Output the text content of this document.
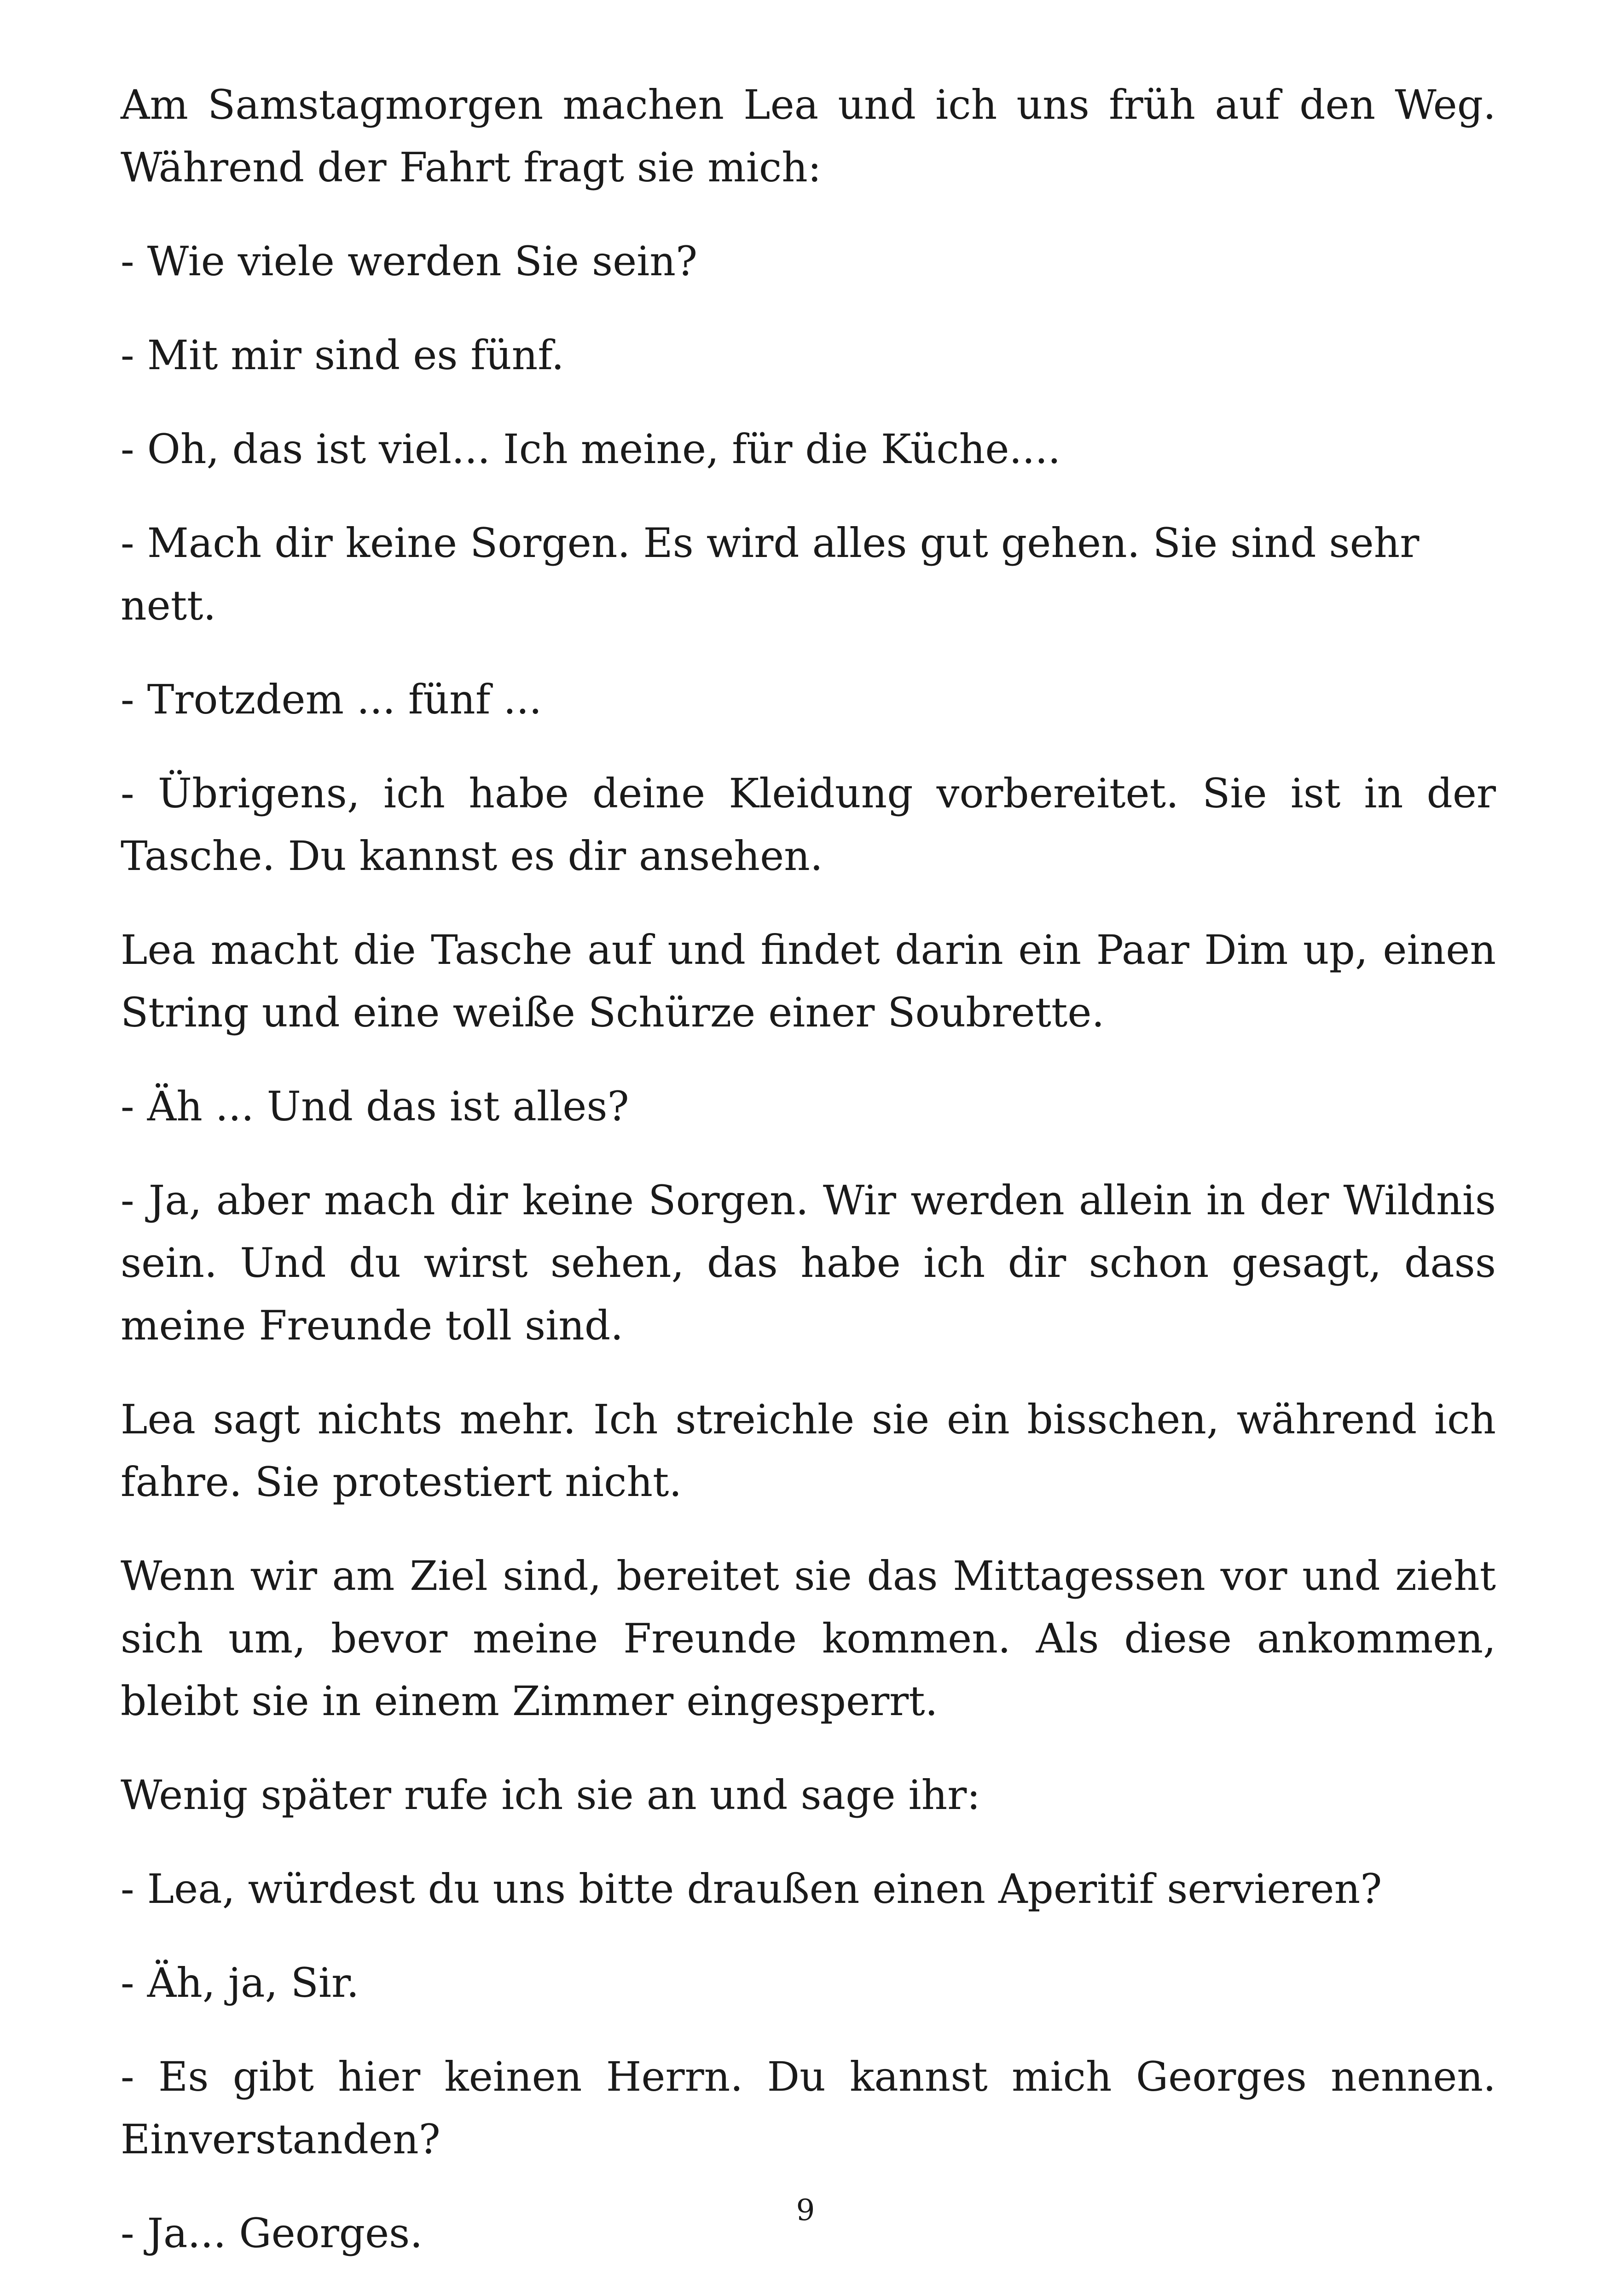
Am Samstagmorgen machen Lea und ich uns früh auf den Weg. Während der Fahrt fragt sie mich:

- Wie viele werden Sie sein?

- Mit mir sind es fünf.

- Oh, das ist viel... Ich meine, für die Küche....

- Mach dir keine Sorgen. Es wird alles gut gehen. Sie sind sehr nett.

- Trotzdem ... fünf ...

- Übrigens, ich habe deine Kleidung vorbereitet. Sie ist in der Tasche. Du kannst es dir ansehen.

Lea macht die Tasche auf und findet darin ein Paar Dim up, einen String und eine weiße Schürze einer Soubrette.

- Äh ... Und das ist alles?

- Ja, aber mach dir keine Sorgen. Wir werden allein in der Wildnis sein. Und du wirst sehen, das habe ich dir schon gesagt, dass meine Freunde toll sind.

Lea sagt nichts mehr. Ich streichle sie ein bisschen, während ich fahre. Sie protestiert nicht.

Wenn wir am Ziel sind, bereitet sie das Mittagessen vor und zieht sich um, bevor meine Freunde kommen. Als diese ankommen, bleibt sie in einem Zimmer eingesperrt.

Wenig später rufe ich sie an und sage ihr:

- Lea, würdest du uns bitte draußen einen Aperitif servieren?

- Äh, ja, Sir.

- Es gibt hier keinen Herrn. Du kannst mich Georges nennen. Einverstanden?

- Ja... Georges.	9
